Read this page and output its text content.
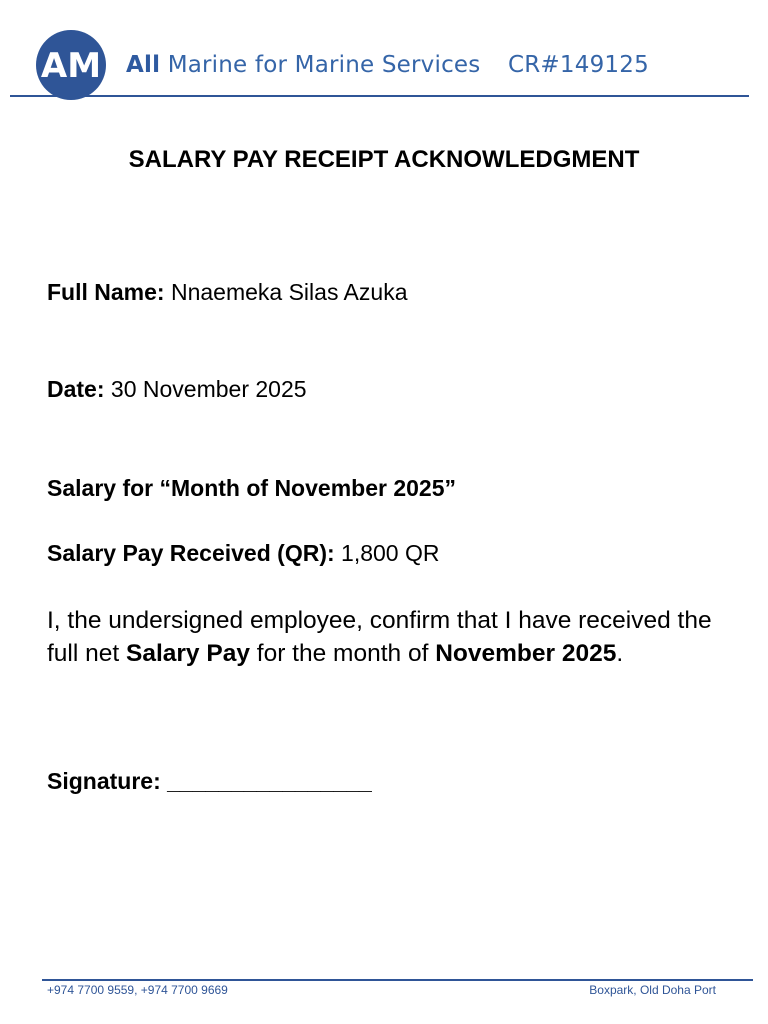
AM All Marine for Marine Services CR#149125
SALARY PAY RECEIPT ACKNOWLEDGMENT
Full Name: Nnaemeka Silas Azuka
Date: 30 November 2025
Salary for “Month of November 2025”
Salary Pay Received (QR): 1,800 QR
I, the undersigned employee, confirm that I have received the full net Salary Pay for the month of November 2025.
Signature: ________________
+974 7700 9559, +974 7700 9669	Boxpark, Old Doha Port
